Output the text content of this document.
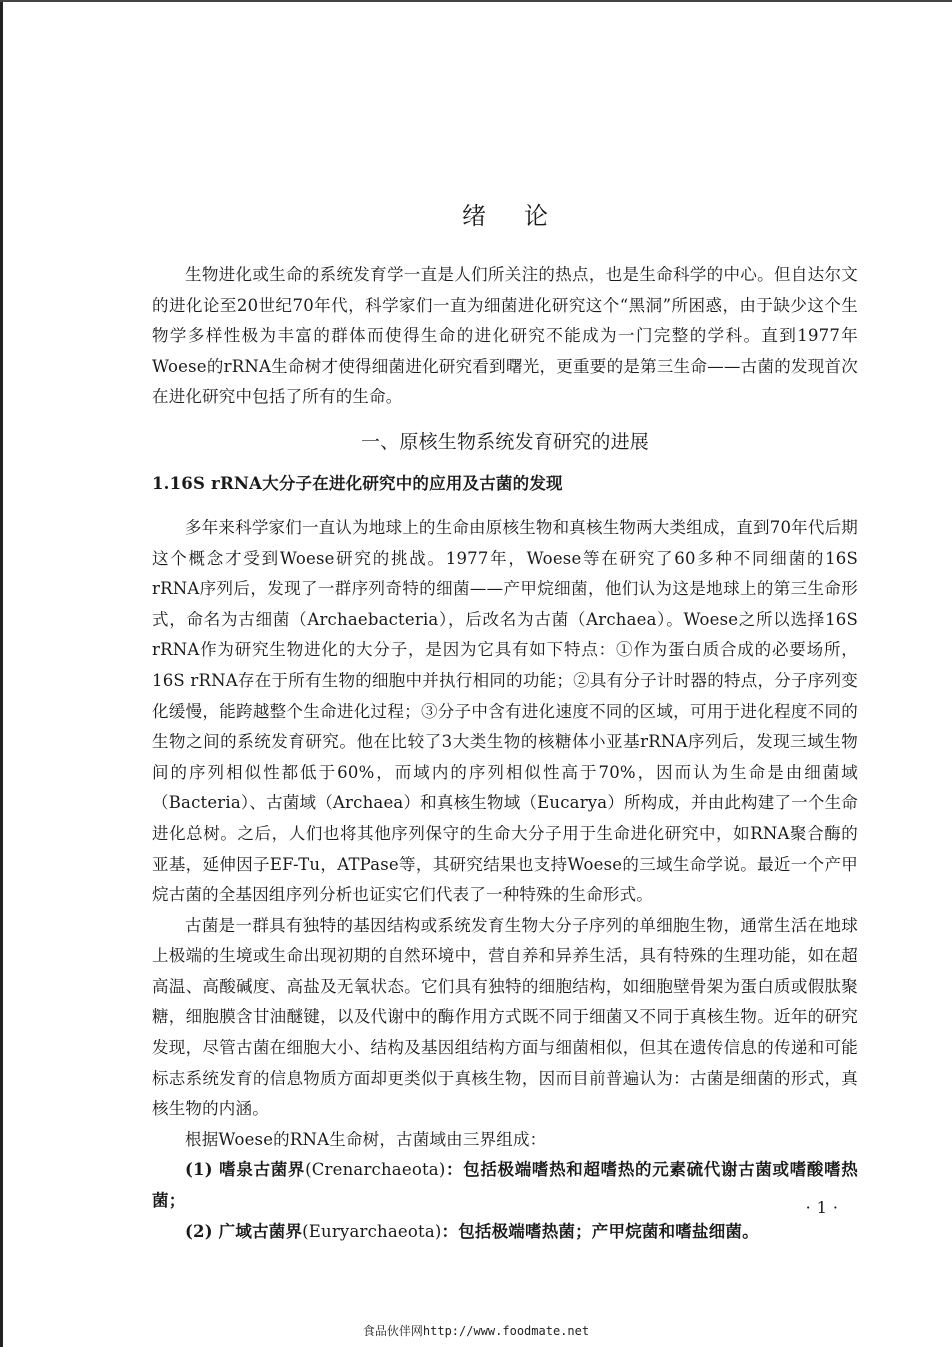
绪论

生物进化或生命的系统发育学一直是人们所关注的热点，也是生命科学的中心。但自达尔文的进化论至20世纪70年代，科学家们一直为细菌进化研究这个“黑洞”所困惑，由于缺少这个生物学多样性极为丰富的群体而使得生命的进化研究不能成为一门完整的学科。直到1977年Woese的rRNA生命树才使得细菌进化研究看到曙光，更重要的是第三生命——古菌的发现首次在进化研究中包括了所有的生命。

一、原核生物系统发育研究的进展
1.16S rRNA大分子在进化研究中的应用及古菌的发现

多年来科学家们一直认为地球上的生命由原核生物和真核生物两大类组成，直到70年代后期这个概念才受到Woese研究的挑战。1977年，Woese等在研究了60多种不同细菌的16S rRNA序列后，发现了一群序列奇特的细菌——产甲烷细菌，他们认为这是地球上的第三生命形式，命名为古细菌（Archaebacteria），后改名为古菌（Archaea）。Woese之所以选择16S rRNA作为研究生物进化的大分子，是因为它具有如下特点：①作为蛋白质合成的必要场所，16S rRNA存在于所有生物的细胞中并执行相同的功能；②具有分子计时器的特点，分子序列变化缓慢，能跨越整个生命进化过程；③分子中含有进化速度不同的区域，可用于进化程度不同的生物之间的系统发育研究。他在比较了3大类生物的核糖体小亚基rRNA序列后，发现三域生物间的序列相似性都低于60%，而域内的序列相似性高于70%，因而认为生命是由细菌域（Bacteria）、古菌域（Archaea）和真核生物域（Eucarya）所构成，并由此构建了一个生命进化总树。之后，人们也将其他序列保守的生命大分子用于生命进化研究中，如RNA聚合酶的亚基，延伸因子EF-Tu，ATPase等，其研究结果也支持Woese的三域生命学说。最近一个产甲烷古菌的全基因组序列分析也证实它们代表了一种特殊的生命形式。

古菌是一群具有独特的基因结构或系统发育生物大分子序列的单细胞生物，通常生活在地球上极端的生境或生命出现初期的自然环境中，营自养和异养生活，具有特殊的生理功能，如在超高温、高酸碱度、高盐及无氧状态。它们具有独特的细胞结构，如细胞壁骨架为蛋白质或假肽聚糖，细胞膜含甘油醚键，以及代谢中的酶作用方式既不同于细菌又不同于真核生物。近年的研究发现，尽管古菌在细胞大小、结构及基因组结构方面与细菌相似，但其在遗传信息的传递和可能标志系统发育的信息物质方面却更类似于真核生物，因而目前普遍认为：古菌是细菌的形式，真核生物的内涵。

根据Woese的RNA生命树，古菌域由三界组成：

(1) 嗜泉古菌界(Crenarchaeota)：包括极端嗜热和超嗜热的元素硫代谢古菌或嗜酸嗜热菌；

(2) 广域古菌界(Euryarchaeota)：包括极端嗜热菌；产甲烷菌和嗜盐细菌。

·1·
食品伙伴网http://www.foodmate.net
